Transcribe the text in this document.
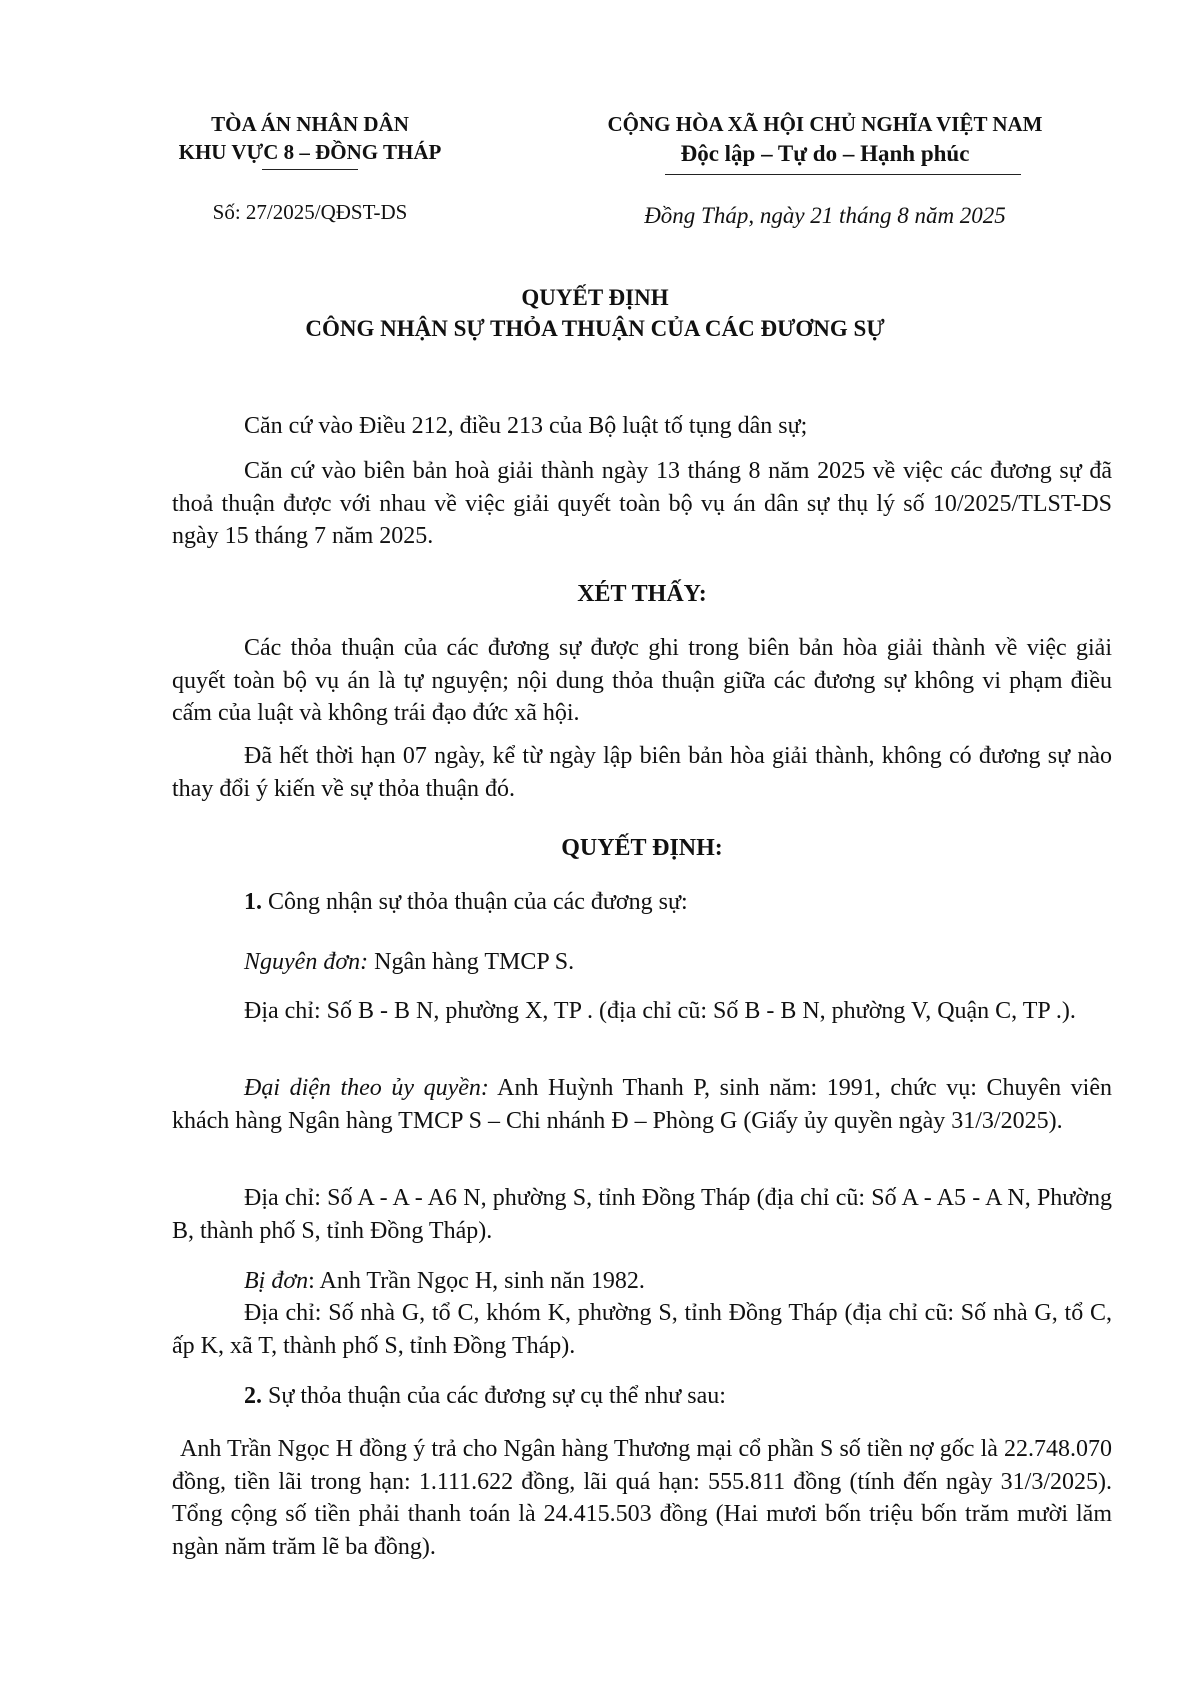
TÒA ÁN NHÂN DÂN
KHU VỰC 8 – ĐỒNG THÁP
Số: 27/2025/QĐST-DS
CỘNG HÒA XÃ HỘI CHỦ NGHĨA VIỆT NAM
Độc lập – Tự do – Hạnh phúc
Đồng Tháp, ngày 21 tháng 8 năm 2025
QUYẾT ĐỊNH
CÔNG NHẬN SỰ THỎA THUẬN CỦA CÁC ĐƯƠNG SỰ
Căn cứ vào Điều 212, điều 213 của Bộ luật tố tụng dân sự;
Căn cứ vào biên bản hoà giải thành ngày 13 tháng 8 năm 2025 về việc các đương sự đã thoả thuận được với nhau về việc giải quyết toàn bộ vụ án dân sự thụ lý số 10/2025/TLST-DS ngày 15 tháng 7 năm 2025.
XÉT THẤY:
Các thỏa thuận của các đương sự được ghi trong biên bản hòa giải thành về việc giải quyết toàn bộ vụ án là tự nguyện; nội dung thỏa thuận giữa các đương sự không vi phạm điều cấm của luật và không trái đạo đức xã hội.
Đã hết thời hạn 07 ngày, kể từ ngày lập biên bản hòa giải thành, không có đương sự nào thay đổi ý kiến về sự thỏa thuận đó.
QUYẾT ĐỊNH:
1. Công nhận sự thỏa thuận của các đương sự:
Nguyên đơn: Ngân hàng TMCP S.
Địa chỉ: Số B - B N, phường X, TP . (địa chỉ cũ: Số B - B N, phường V, Quận C, TP .).
Đại diện theo ủy quyền: Anh Huỳnh Thanh P, sinh năm: 1991, chức vụ: Chuyên viên khách hàng Ngân hàng TMCP S – Chi nhánh Đ – Phòng G (Giấy ủy quyền ngày 31/3/2025).
Địa chỉ: Số A - A - A6 N, phường S, tỉnh Đồng Tháp (địa chỉ cũ: Số A - A5 - A N, Phường B, thành phố S, tỉnh Đồng Tháp).
Bị đơn: Anh Trần Ngọc H, sinh năn 1982.
Địa chỉ: Số nhà G, tổ C, khóm K, phường S, tỉnh Đồng Tháp (địa chỉ cũ: Số nhà G, tổ C, ấp K, xã T, thành phố S, tỉnh Đồng Tháp).
2. Sự thỏa thuận của các đương sự cụ thể như sau:
Anh Trần Ngọc H đồng ý trả cho Ngân hàng Thương mại cổ phần S số tiền nợ gốc là 22.748.070 đồng, tiền lãi trong hạn: 1.111.622 đồng, lãi quá hạn: 555.811 đồng (tính đến ngày 31/3/2025). Tổng cộng số tiền phải thanh toán là 24.415.503 đồng (Hai mươi bốn triệu bốn trăm mười lăm ngàn năm trăm lẽ ba đồng).
